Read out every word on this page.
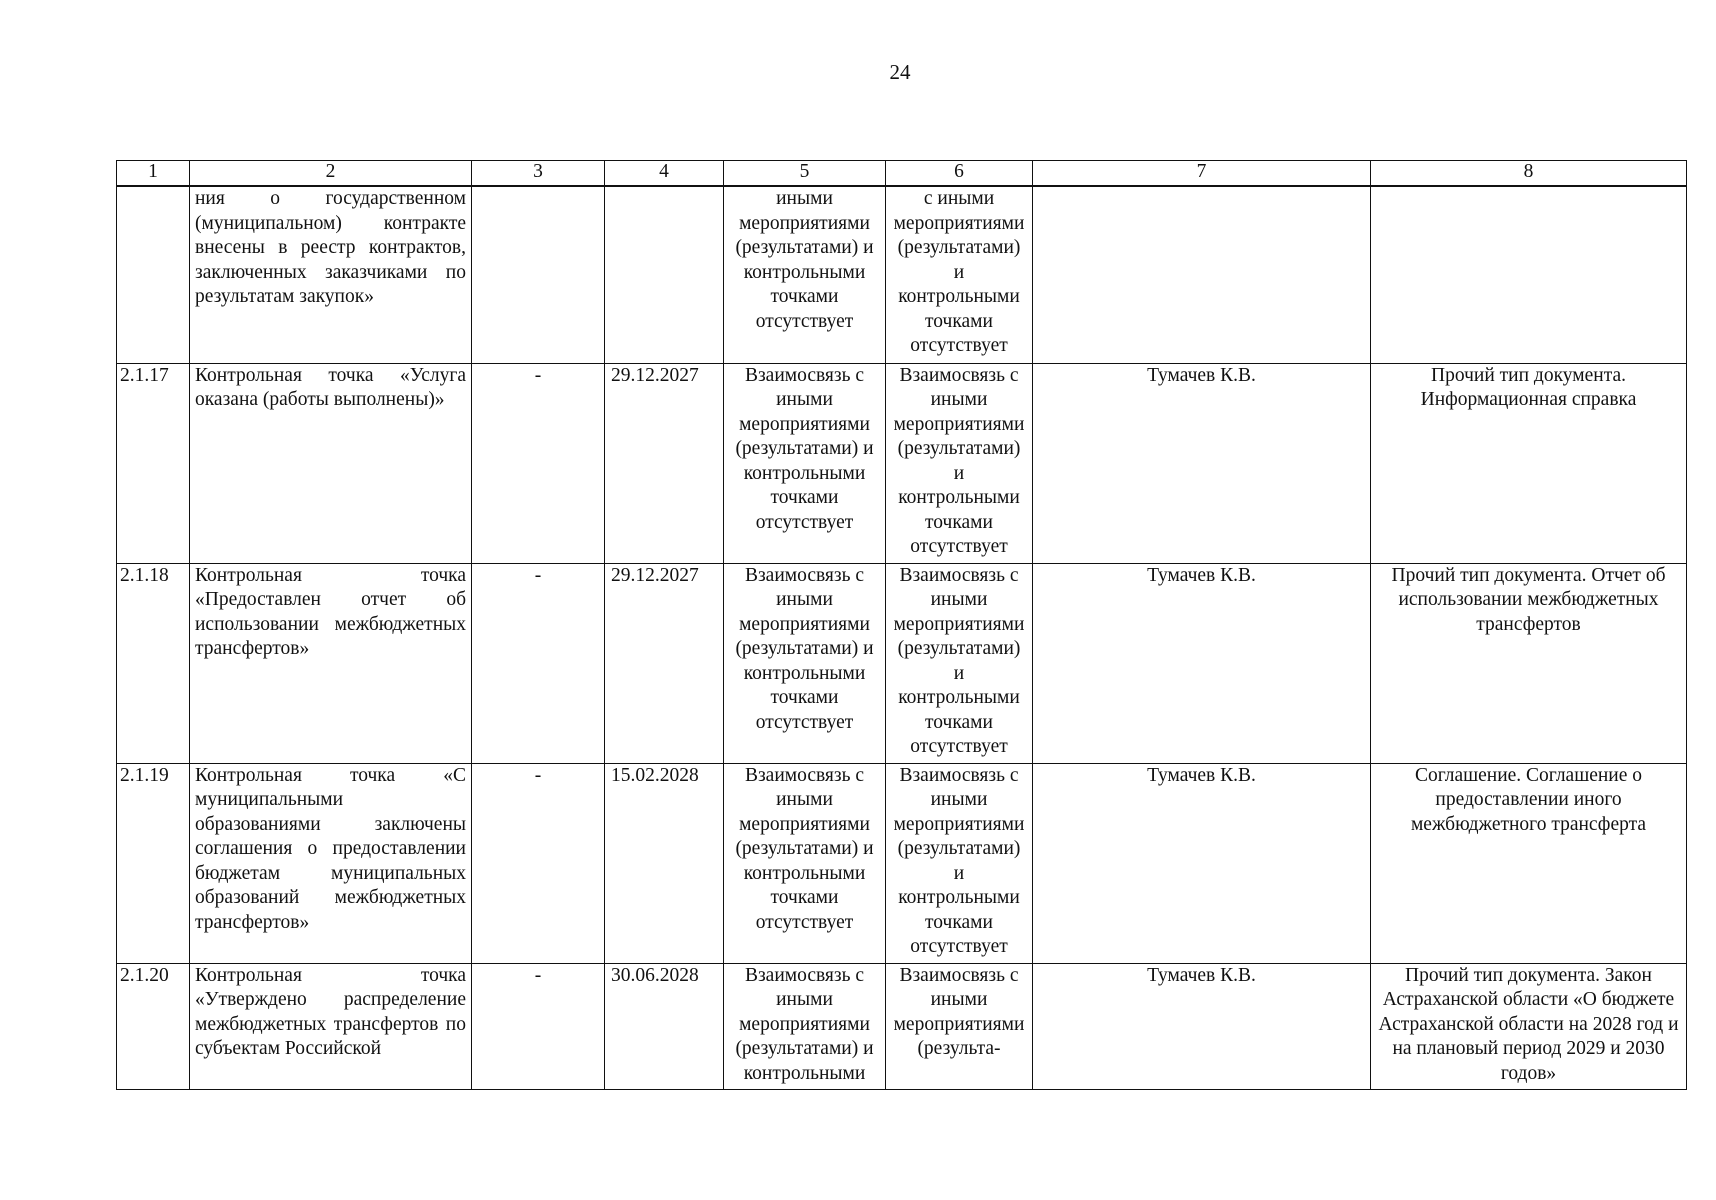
24
1	2	3	4	5	6	7	8
	ния о государственном (муниципальном) контракте внесены в реестр контрактов, заключенных заказчиками по результатам закупок»			иными мероприятиями (результатами) и контрольными точками отсутствует	с иными мероприятиями (результатами) и контрольными точками отсутствует		
2.1.17	Контрольная точка «Услуга оказана (работы выполнены)»	-	29.12.2027	Взаимосвязь с иными мероприятиями (результатами) и контрольными точками отсутствует	Взаимосвязь с иными мероприятиями (результатами) и контрольными точками отсутствует	Тумачев К.В.	Прочий тип документа. Информационная справка
2.1.18	Контрольная точка «Предоставлен отчет об использовании межбюджетных трансфертов»	-	29.12.2027	Взаимосвязь с иными мероприятиями (результатами) и контрольными точками отсутствует	Взаимосвязь с иными мероприятиями (результатами) и контрольными точками отсутствует	Тумачев К.В.	Прочий тип документа. Отчет об использовании межбюджетных трансфертов
2.1.19	Контрольная точка «С муниципальными образованиями заключены соглашения о предоставлении бюджетам муниципальных образований межбюджетных трансфертов»	-	15.02.2028	Взаимосвязь с иными мероприятиями (результатами) и контрольными точками отсутствует	Взаимосвязь с иными мероприятиями (результатами) и контрольными точками отсутствует	Тумачев К.В.	Соглашение. Соглашение о предоставлении иного межбюджетного трансферта
2.1.20	Контрольная точка «Утверждено распределение межбюджетных трансфертов по субъектам Российской	-	30.06.2028	Взаимосвязь с иными мероприятиями (результатами) и контрольными	Взаимосвязь с иными мероприятиями (результа-	Тумачев К.В.	Прочий тип документа. Закон Астраханской области «О бюджете Астраханской области на 2028 год и на плановый период 2029 и 2030 годов»
